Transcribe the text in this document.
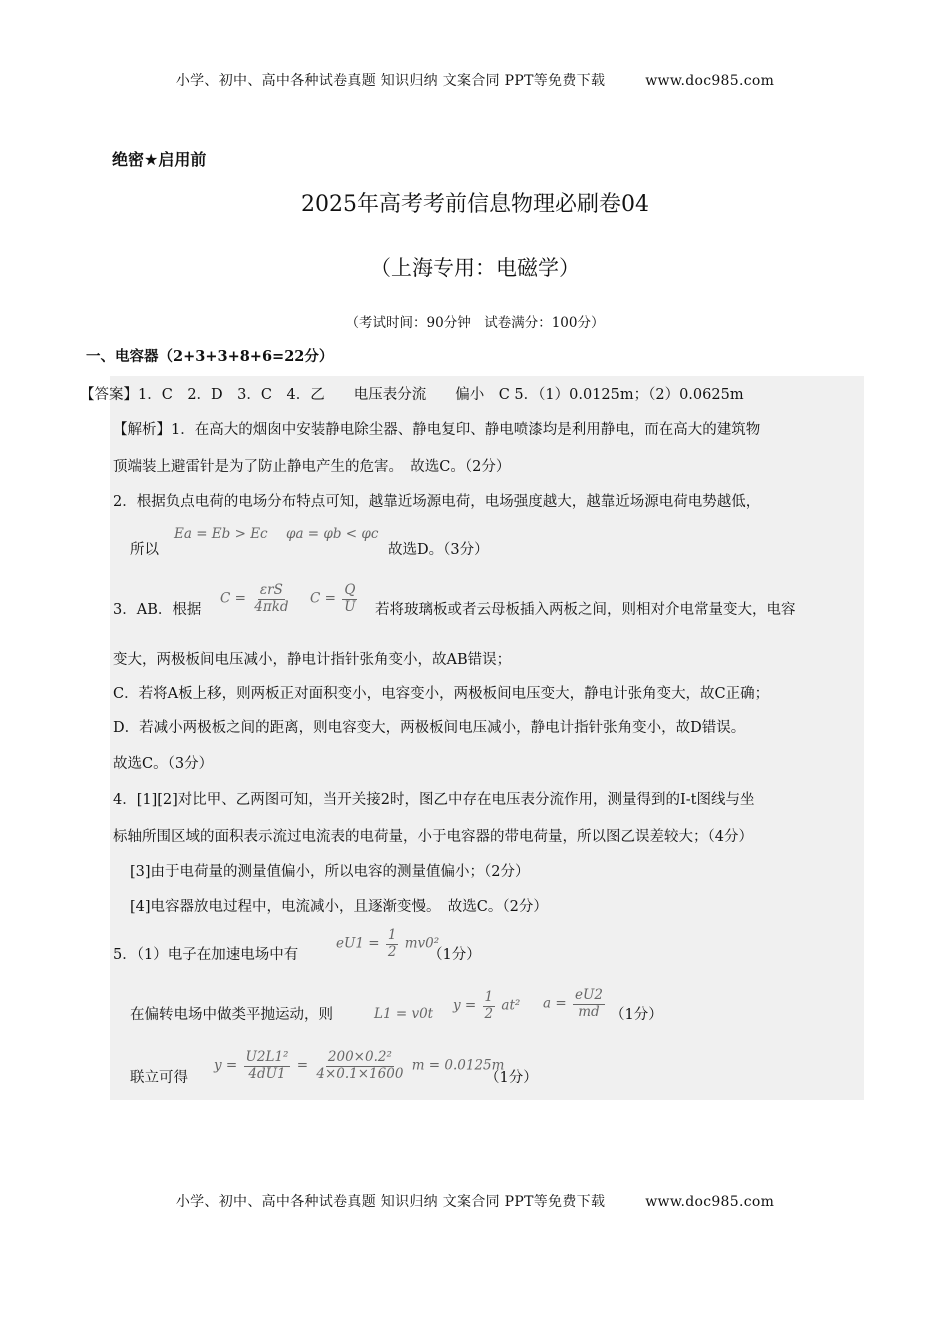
小学、初中、高中各种试卷真题 知识归纳 文案合同 PPT等免费下载	www.doc985.com
绝密★启用前
2025年高考考前信息物理必刷卷04
（上海专用：电磁学）
（考试时间：90分钟　试卷满分：100分）
一、电容器（2+3+3+8+6=22分）
【答案】1．C　2．D　3．C　4．乙　　电压表分流　　偏小　C 5．（1）0.0125m；（2）0.0625m
【解析】1．在高大的烟囱中安装静电除尘器、静电复印、静电喷漆均是利用静电，而在高大的建筑物
顶端装上避雷针是为了防止静电产生的危害。　故选C。（2分）
2．根据负点电荷的电场分布特点可知，越靠近场源电荷，电场强度越大，越靠近场源电荷电势越低，
所以
Ea = Eb > Ec φa = φb < φc
故选D。（3分）
3．AB．根据
$C = \frac{\text{εrS}}{\text{4πkd}}$ $C = \frac{Q}{U}$ 若将玻璃板或者云母板插入两板之间，则相对介电常量变大，电容
变大，两极板间电压减小，静电计指针张角变小，故AB错误；
C．若将A板上移，则两板正对面积变小，电容变小，两极板间电压变大，静电计张角变大，故C正确；
D．若减小两极板之间的距离，则电容变大，两极板间电压减小，静电计指针张角变小，故D错误。
故选C。（3分）
4．[1][2]对比甲、乙两图可知，当开关接2时，图乙中存在电压表分流作用，测量得到的I-t图线与坐
标轴所围区域的面积表示流过电流表的电荷量，小于电容器的带电荷量，所以图乙误差较大；（4分）
[3]由于电荷量的测量值偏小，所以电容的测量值偏小；（2分）
[4]电容器放电过程中，电流减小，且逐渐变慢。　故选C。（2分）
5．（1）电子在加速电场中有
$eU1 = \frac{1}{2} mv0^2$
（1分）
在偏转电场中做类平抛运动，则	L1 = v0t
$y = \frac{1}{2} at^2$ $a = \frac{eU2}{md} (1$分）
联立可得
$y = \frac{\text{U2L1²}}{4dU1} = \frac{\text{200×0.2²}}{4\times 0.1\times 1600}$ m = 0.0125m
（1分）
小学、初中、高中各种试卷真题 知识归纳 文案合同 PPT等免费下载	www.doc985.com
